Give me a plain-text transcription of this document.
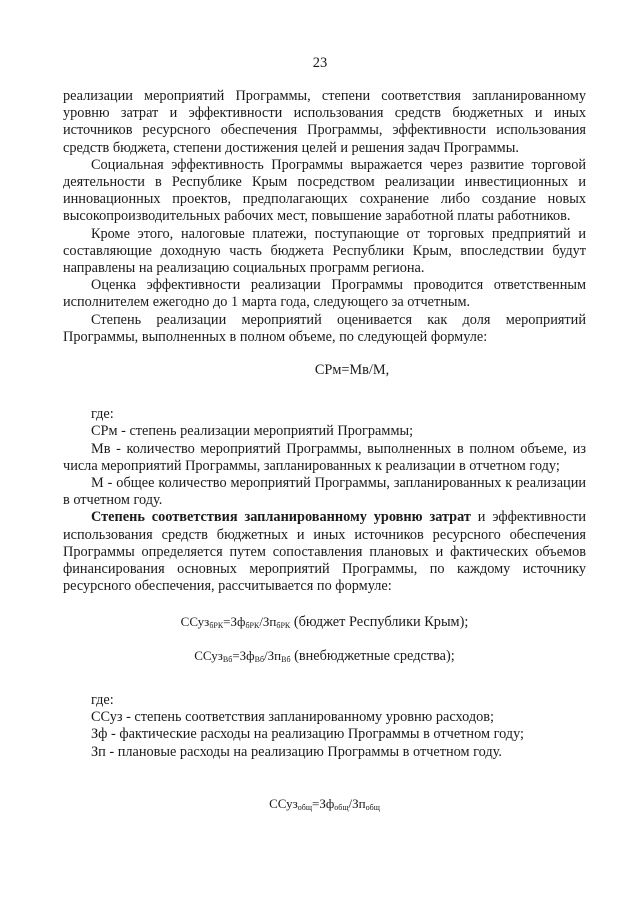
23

реализации мероприятий Программы, степени соответствия запланированному уровню затрат и эффективности использования средств бюджетных и иных источников ресурсного обеспечения Программы, эффективности использования средств бюджета, степени достижения целей и решения задач Программы.

Социальная эффективность Программы выражается через развитие торговой деятельности в Республике Крым посредством реализации инвестиционных и инновационных проектов, предполагающих сохранение либо создание новых высокопроизводительных рабочих мест, повышение заработной платы работников.

Кроме этого, налоговые платежи, поступающие от торговых предприятий и составляющие доходную часть бюджета Республики Крым, впоследствии будут направлены на реализацию социальных программ региона.

Оценка эффективности реализации Программы проводится ответственным исполнителем ежегодно до 1 марта года, следующего за отчетным.

Степень реализации мероприятий оценивается как доля мероприятий Программы, выполненных в полном объеме, по следующей формуле:

СРм=Мв/М,

где:

СРм - степень реализации мероприятий Программы;

Мв - количество мероприятий Программы, выполненных в полном объеме, из числа мероприятий Программы, запланированных к реализации в отчетном году;

М - общее количество мероприятий Программы, запланированных к реализации в отчетном году.

Степень соответствия запланированному уровню затрат и эффективности использования средств бюджетных и иных источников ресурсного обеспечения Программы определяется путем сопоставления плановых и фактических объемов финансирования основных мероприятий Программы, по каждому источнику ресурсного обеспечения, рассчитывается по формуле:

$ССуз_{бРК}=Зф_{бРК}/Зп_{бРК}$ (бюджет Республики Крым);

$ССуз_{Вб}=Зф_{Вб}/Зп_{Вб}$ (внебюджетные средства);

где:

ССуз - степень соответствия запланированному уровню расходов;

Зф - фактические расходы на реализацию Программы в отчетном году;

Зп - плановые расходы на реализацию Программы в отчетном году.

$ССуз_{общ}=Зф_{общ}/Зп_{общ}$
